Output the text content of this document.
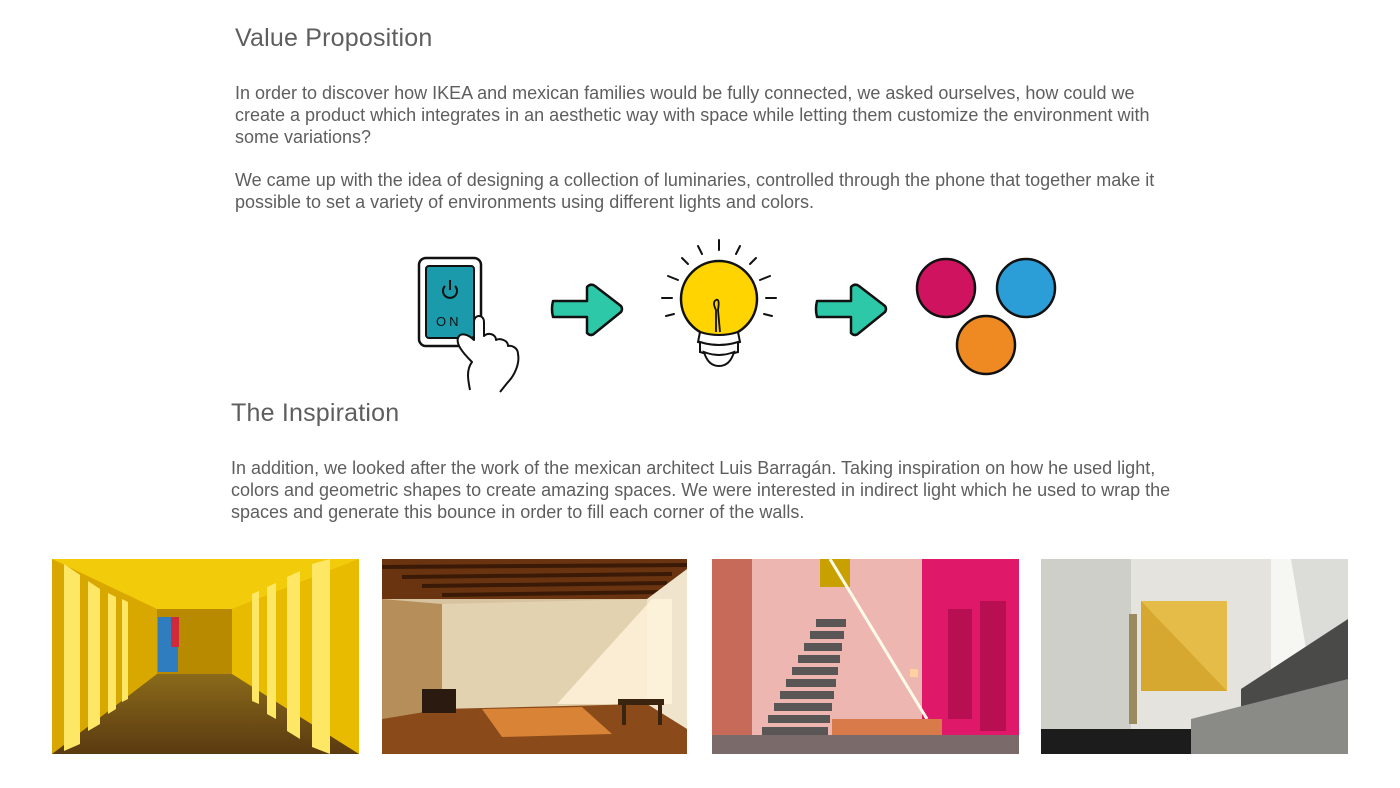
Value Proposition

In order to discover how IKEA and mexican families would be fully connected, we asked ourselves, how could we create a product which integrates in an aesthetic way with space while letting them customize the environment with some variations?

We came up with the idea of designing a collection of luminaries, controlled through the phone that together make it possible to set a variety of environments using different lights and colors.

ON
The Inspiration

In addition, we looked after the work of the mexican architect Luis Barragán. Taking inspiration on how he used light, colors and geometric shapes to create amazing spaces. We were interested in indirect light which he used to wrap the spaces and generate this bounce in order to fill each corner of the walls.
